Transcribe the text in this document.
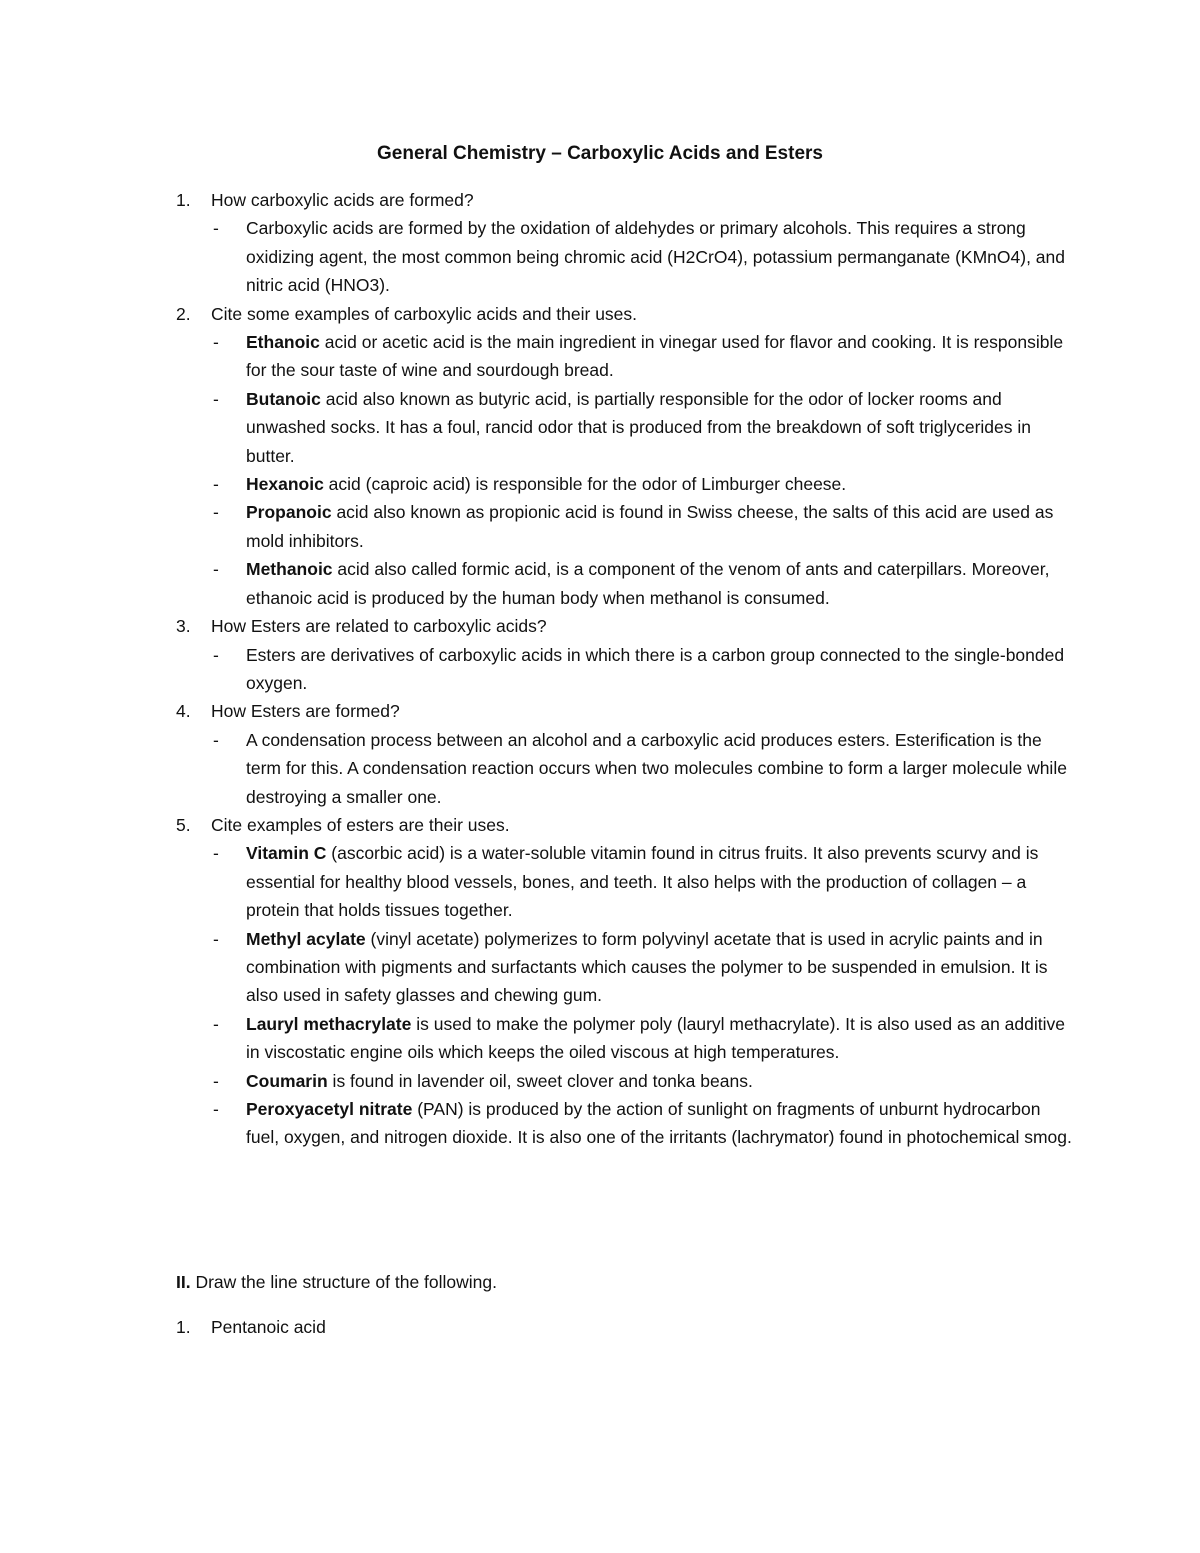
General Chemistry – Carboxylic Acids and Esters
1. How carboxylic acids are formed?
- Carboxylic acids are formed by the oxidation of aldehydes or primary alcohols. This requires a strong oxidizing agent, the most common being chromic acid (H2CrO4), potassium permanganate (KMnO4), and nitric acid (HNO3).
2. Cite some examples of carboxylic acids and their uses.
- Ethanoic acid or acetic acid is the main ingredient in vinegar used for flavor and cooking. It is responsible for the sour taste of wine and sourdough bread.
- Butanoic acid also known as butyric acid, is partially responsible for the odor of locker rooms and unwashed socks. It has a foul, rancid odor that is produced from the breakdown of soft triglycerides in butter.
- Hexanoic acid (caproic acid) is responsible for the odor of Limburger cheese.
- Propanoic acid also known as propionic acid is found in Swiss cheese, the salts of this acid are used as mold inhibitors.
- Methanoic acid also called formic acid, is a component of the venom of ants and caterpillars. Moreover, ethanoic acid is produced by the human body when methanol is consumed.
3. How Esters are related to carboxylic acids?
- Esters are derivatives of carboxylic acids in which there is a carbon group connected to the single-bonded oxygen.
4. How Esters are formed?
- A condensation process between an alcohol and a carboxylic acid produces esters. Esterification is the term for this. A condensation reaction occurs when two molecules combine to form a larger molecule while destroying a smaller one.
5. Cite examples of esters are their uses.
- Vitamin C (ascorbic acid) is a water-soluble vitamin found in citrus fruits. It also prevents scurvy and is essential for healthy blood vessels, bones, and teeth. It also helps with the production of collagen – a protein that holds tissues together.
- Methyl acylate (vinyl acetate) polymerizes to form polyvinyl acetate that is used in acrylic paints and in combination with pigments and surfactants which causes the polymer to be suspended in emulsion. It is also used in safety glasses and chewing gum.
- Lauryl methacrylate is used to make the polymer poly (lauryl methacrylate). It is also used as an additive in viscostatic engine oils which keeps the oiled viscous at high temperatures.
- Coumarin is found in lavender oil, sweet clover and tonka beans.
- Peroxyacetyl nitrate (PAN) is produced by the action of sunlight on fragments of unburnt hydrocarbon fuel, oxygen, and nitrogen dioxide. It is also one of the irritants (lachrymator) found in photochemical smog.
II. Draw the line structure of the following.
1. Pentanoic acid
